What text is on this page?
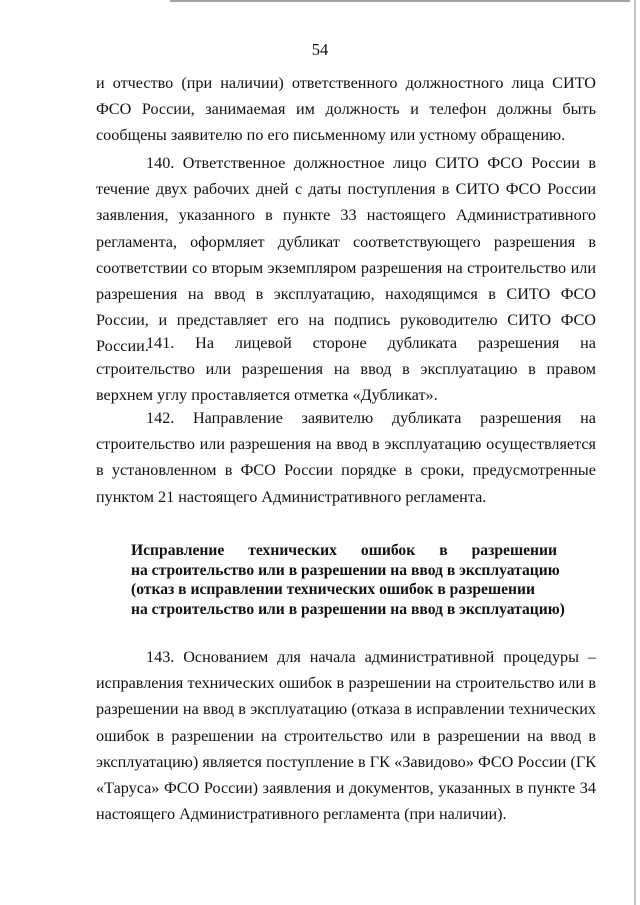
54

и отчество (при наличии) ответственного должностного лица СИТО ФСО России, занимаемая им должность и телефон должны быть сообщены заявителю по его письменному или устному обращению.

140. Ответственное должностное лицо СИТО ФСО России в течение двух рабочих дней с даты поступления в СИТО ФСО России заявления, указанного в пункте 33 настоящего Административного регламента, оформляет дубликат соответствующего разрешения в соответствии со вторым экземпляром разрешения на строительство или разрешения на ввод в эксплуатацию, находящимся в СИТО ФСО России, и представляет его на подпись руководителю СИТО ФСО России.

141. На лицевой стороне дубликата разрешения на строительство или разрешения на ввод в эксплуатацию в правом верхнем углу проставляется отметка «Дубликат».

142. Направление заявителю дубликата разрешения на строительство или разрешения на ввод в эксплуатацию осуществляется в установленном в ФСО России порядке в сроки, предусмотренные пунктом 21 настоящего Административного регламента.

Исправление технических ошибок в разрешении
на строительство или в разрешении на ввод в эксплуатацию
(отказ в исправлении технических ошибок в разрешении
на строительство или в разрешении на ввод в эксплуатацию)

143. Основанием для начала административной процедуры – исправления технических ошибок в разрешении на строительство или в разрешении на ввод в эксплуатацию (отказа в исправлении технических ошибок в разрешении на строительство или в разрешении на ввод в эксплуатацию) является поступление в ГК «Завидово» ФСО России (ГК «Таруса» ФСО России) заявления и документов, указанных в пункте 34 настоящего Административного регламента (при наличии).
